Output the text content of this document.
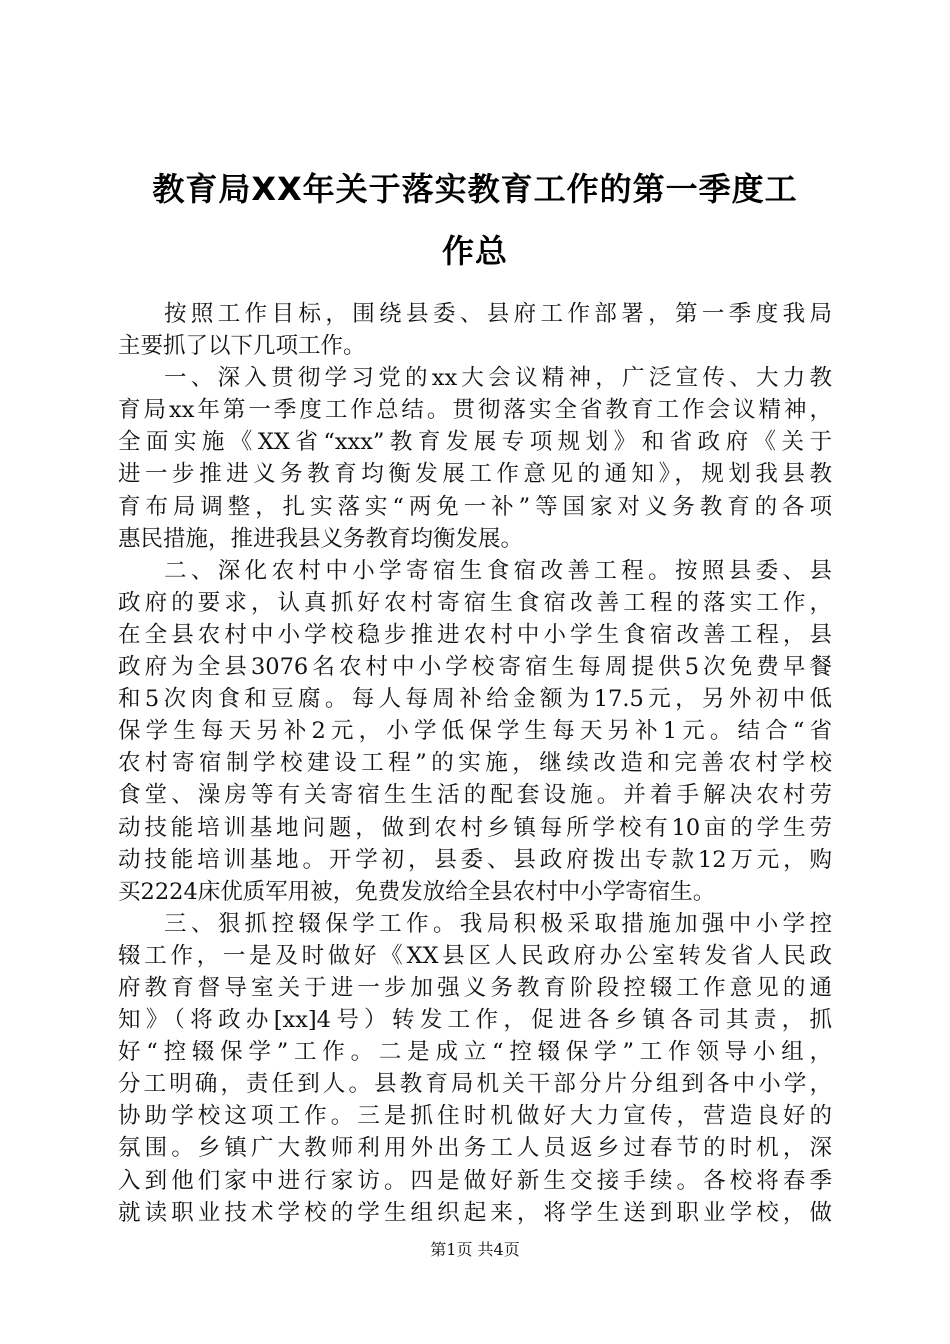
教育局XX年关于落实教育工作的第一季度工
作总
按照工作目标，围绕县委、县府工作部署，第一季度我局
主要抓了以下几项工作。
一、深入贯彻学习党的xx大会议精神，广泛宣传、大力教
育局xx年第一季度工作总结。贯彻落实全省教育工作会议精神，
全面实施《XX省“xxx”教育发展专项规划》和省政府《关于
进一步推进义务教育均衡发展工作意见的通知》，规划我县教
育布局调整，扎实落实“两免一补”等国家对义务教育的各项
惠民措施，推进我县义务教育均衡发展。
二、深化农村中小学寄宿生食宿改善工程。按照县委、县
政府的要求，认真抓好农村寄宿生食宿改善工程的落实工作，
在全县农村中小学校稳步推进农村中小学生食宿改善工程，县
政府为全县3076名农村中小学校寄宿生每周提供5次免费早餐
和5次肉食和豆腐。每人每周补给金额为17.5元，另外初中低
保学生每天另补2元，小学低保学生每天另补1元。结合“省
农村寄宿制学校建设工程”的实施，继续改造和完善农村学校
食堂、澡房等有关寄宿生生活的配套设施。并着手解决农村劳
动技能培训基地问题，做到农村乡镇每所学校有10亩的学生劳
动技能培训基地。开学初，县委、县政府拨出专款12万元，购
买2224床优质军用被，免费发放给全县农村中小学寄宿生。
三、狠抓控辍保学工作。我局积极采取措施加强中小学控
辍工作，一是及时做好《XX县区人民政府办公室转发省人民政
府教育督导室关于进一步加强义务教育阶段控辍工作意见的通
知》（将政办[xx]4号）转发工作，促进各乡镇各司其责，抓
好“控辍保学”工作。二是成立“控辍保学”工作领导小组，
分工明确，责任到人。县教育局机关干部分片分组到各中小学，
协助学校这项工作。三是抓住时机做好大力宣传，营造良好的
氛围。乡镇广大教师利用外出务工人员返乡过春节的时机，深
入到他们家中进行家访。四是做好新生交接手续。各校将春季
就读职业技术学校的学生组织起来，将学生送到职业学校，做
第1页 共4页
